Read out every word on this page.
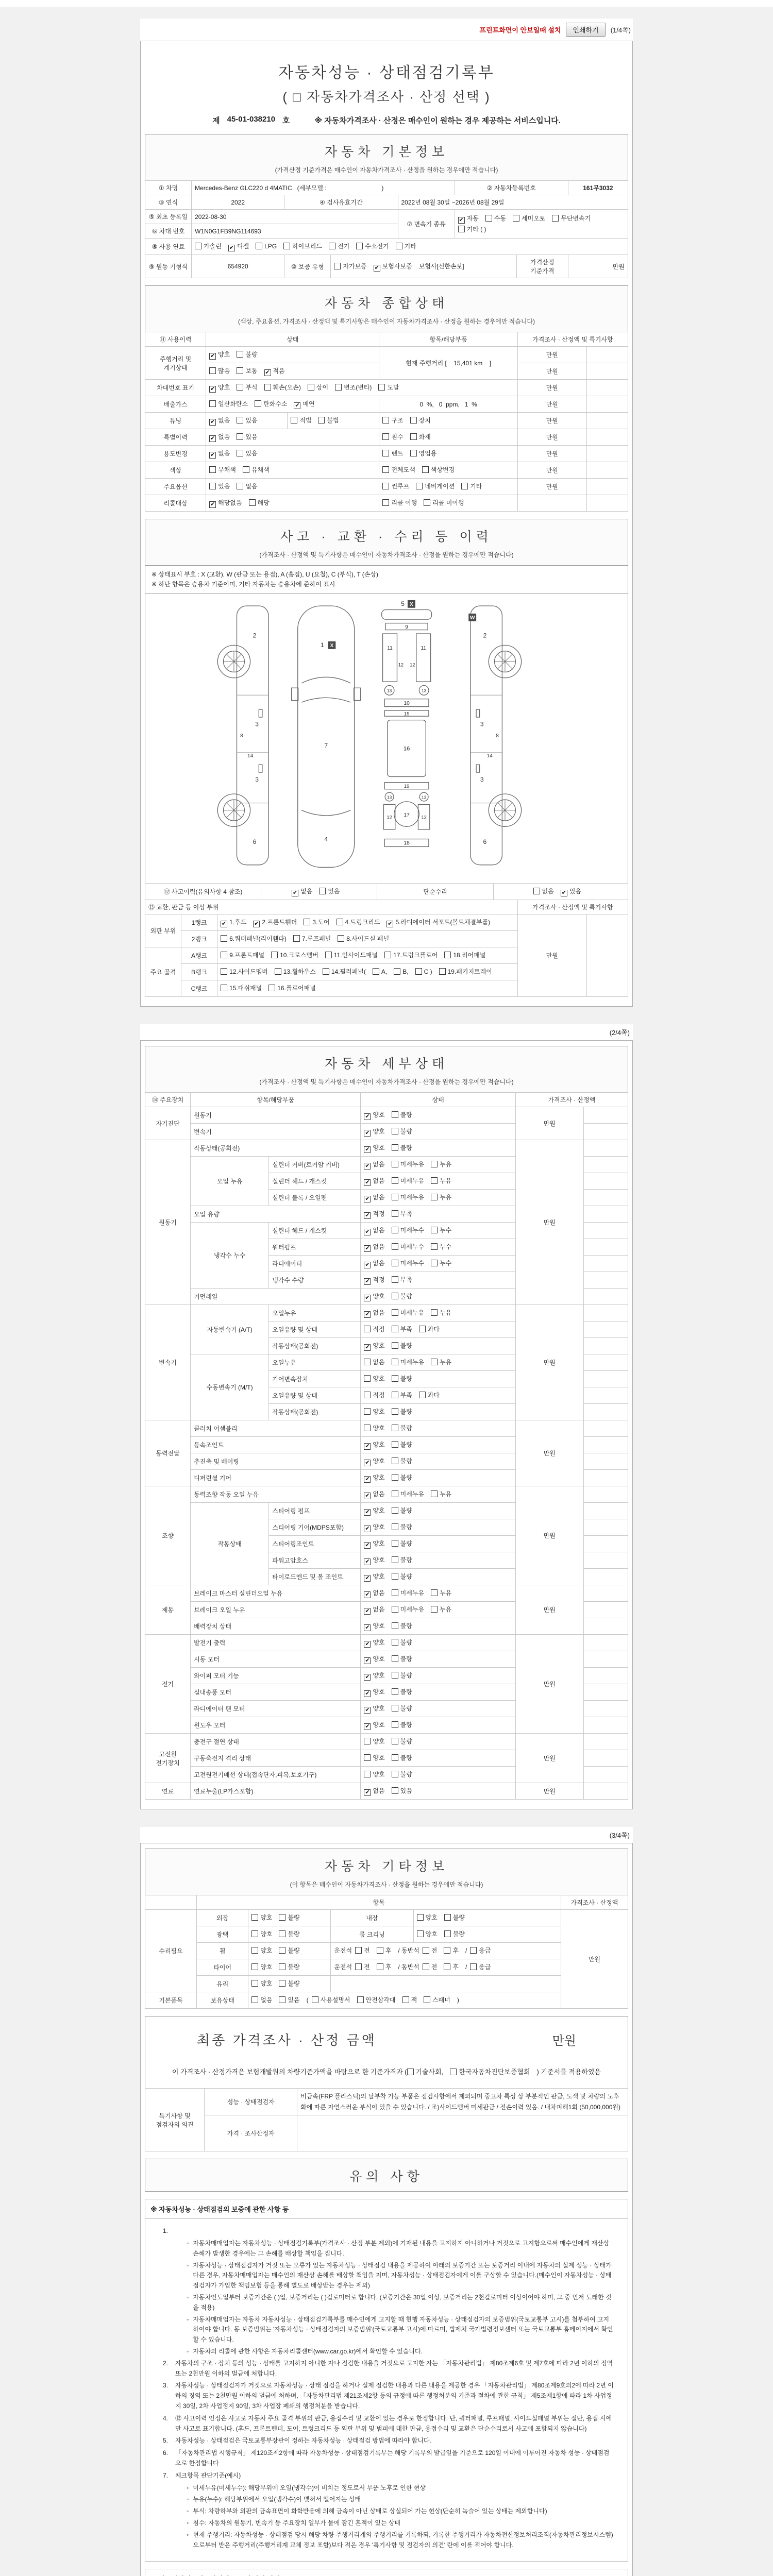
프린트화면이 안보일때 설치	인쇄하기	(1/4쪽)
자동차성능 · 상태점검기록부
( □ 자동차가격조사 · 산정 선택 )
제 45-01-038210 호	※ 자동차가격조사 · 산정은 매수인이 원하는 경우 제공하는 서비스입니다.
자동차 기본정보
(가격산정 기준가격은 매수인이 자동차가격조사 · 산정을 원하는 경우에만 적습니다)
① 차명	Mercedes-Benz GLC220 d 4MATIC   (세부모델 :                                )				② 자동차등록번호		161무3032
③ 연식	2022	④ 검사유효기간		2022년 08월 30일 ~2026년 08월 29일			
⑤ 최초 등록일	2022-08-30			⑦ 변속기 종류	✔ 자동 수동 세미오토 무단변속기기타 ( )		
⑥ 차대 번호	W1N0G1FB9NG114693						
⑧ 사용 연료	가솔린 ✔ 디젤 LPG 하이브리드 전기 수소전기 기타						
⑨ 원동 기형식	654920	⑩ 보증 유형	자가보증 ✔ 보험사보증 보험사[신한손보]			가격산정 기준가격	만원
자동차 종합상태
(색상, 주요옵션, 가격조사 · 산정액 및 특기사항은 매수인이 자동차가격조사 · 산정을 원하는 경우에만 적습니다)
⑪ 사용이력	상태		항목/해당부품	가격조사 · 산정액 및 특기사항	
주행거리 및 계기상태	✔ 양호 불량		현재 주행거리 [    15,401 km    ]	만원	
	많음 보통 ✔ 적음			만원	
차대번호 표기	✔ 양호 부식 훼손(오손) 상이 변조(변타) 도말			만원	
배출가스	일산화탄소 탄화수소 ✔ 매연		0  %,   0  ppm,   1  %	만원	
튜닝	✔ 없음 있음	적법 불법	구조 장치	만원	
특별이력	✔ 없음 있음		침수 화재	만원	
용도변경	✔ 없음 있음		렌트 영업용	만원	
색상	무채색 유채색		전체도색 색상변경	만원	
주요옵션	있음 없음		썬루프 네비게이션 기타	만원	
리콜대상	✔ 해당없음 해당		리콜 이행 리콜 미이행		
사고 · 교환 · 수리 등 이력
(가격조사 · 산정액 및 특기사항은 매수인이 자동차가격조사 · 산정을 원하는 경우에만 적습니다)
※ 상태표시 부호 : X (교환), W (판금 또는 용접), A (흠집), U (요철), C (부식), T (손상)
※ 하단 항목은 승용차 기준이며, 기타 자동차는 승용차에 준하여 표시
2
3
3
8
14
6
1 X
7
4
5 X
9
11	11
12 12
13	13
10
15
16
19
13	13
12	12
17
18
W
2
3
3
8
14
6
⑫ 사고이력(유의사항 4 참조)	✔ 없음	있음	단순수리	없음 ✔ 있음
⑬ 교환, 판금 등 이상 부위			가격조사 · 산정액 및 특기사항	
외판 부위	1랭크	✔ 1.후드 ✔ 2.프론트휀더 3.도어 4.트렁크리드 ✔ 5.라디에이터 서포트(볼트체결부품)	만원	
	2랭크	6.쿼터패널(리어휀다) 7.루프패널 8.사이드실 패널		
주요 골격	A랭크	9.프론트패널 10.크로스멤버 11.인사이드패널 17.트렁크플로어 18.리어패널		
	B랭크	12.사이드멤버 13.휠하우스 14.필러패널( A, B, C ) 19.패키지트레이		
	C랭크	15.대쉬패널 16.플로어패널		
(2/4쪽)
자동차 세부상태
(가격조사 · 산정액 및 특기사항은 매수인이 자동차가격조사 · 산정을 원하는 경우에만 적습니다)
⑭ 주요장치	항목/해당부품		상태	가격조사 · 산정액	
자기진단	원동기		✔ 양호 불량	만원	
	변속기		✔ 양호 불량		
원동기	작동상태(공회전)		✔ 양호 불량	만원	
	오일 누유	실린더 커버(로커암 커버)	✔ 없음 미세누유 누유		
		실린더 헤드 / 개스킷	✔ 없음 미세누유 누유		
		실린더 블록 / 오일팬	✔ 없음 미세누유 누유		
	오일 유량		✔ 적정 부족		
	냉각수 누수	실린더 헤드 / 개스킷	✔ 없음 미세누수 누수		
		워터펌프	✔ 없음 미세누수 누수		
		라디에이터	✔ 없음 미세누수 누수		
		냉각수 수량	✔ 적정 부족		
	커먼레일		✔ 양호 불량		
변속기	자동변속기 (A/T)	오일누유	✔ 없음 미세누유 누유	만원	
		오일유량 및 상태	적정 부족 과다		
		작동상태(공회전)	✔ 양호 불량		
	수동변속기 (M/T)	오일누유	없음 미세누유 누유		
		기어변속장치	양호 불량		
		오일유량 및 상태	적정 부족 과다		
		작동상태(공회전)	양호 불량		
동력전달	클러치 어셈블리		양호 불량	만원	
	등속조인트		✔ 양호 불량		
	추진축 및 베어링		✔ 양호 불량		
	디퍼런셜 기어		✔ 양호 불량		
조향	동력조향 작동 오일 누유		✔ 없음 미세누유 누유	만원	
	작동상태	스티어링 펌프	✔ 양호 불량		
		스티어링 기어(MDPS포함)	✔ 양호 불량		
		스티어링조인트	✔ 양호 불량		
		파워고압호스	✔ 양호 불량		
		타이로드엔드 및 볼 조인트	✔ 양호 불량		
제동	브레이크 마스터 실린더오일 누유		✔ 없음 미세누유 누유	만원	
	브레이크 오일 누유		✔ 없음 미세누유 누유		
	배력장치 상태		✔ 양호 불량		
전기	발전기 출력		✔ 양호 불량	만원	
	시동 모터		✔ 양호 불량		
	와이퍼 모터 기능		✔ 양호 불량		
	실내송풍 모터		✔ 양호 불량		
	라디에이터 팬 모터		✔ 양호 불량		
	윈도우 모터		✔ 양호 불량		
고전원 전기장치	충전구 절연 상태		양호 불량	만원	
	구동축전지 격리 상태		양호 불량		
	고전원전기배선 상태(접속단자,피복,보호기구)		양호 불량		
연료	연료누출(LP가스포함)		✔ 없음 있음	만원	
(3/4쪽)
자동차 기타정보
(이 항목은 매수인이 자동차가격조사 · 산정을 원하는 경우에만 적습니다)
	항목				가격조사 · 산정액
수리필요	외장	양호 불량	내장	양호 불량	만원
	광택	양호 불량	룸 크리닝	양호 불량	
	휠	양호 불량	운전석 전 후 / 동반석 전 후 / 응급		
	타이어	양호 불량	운전석 전 후 / 동반석 전 후 / 응급		
	유리	양호 불량			
기본품목	보유상태	없음 있음 ( 사용설명서 안전삼각대 잭 스패너 )			
최종 가격조사 · 산정 금액	만원
이 가격조사 · 산정가격은 보험개발원의 차량기준가액을 바탕으로 한 기준가격과 ( 기술사회, 한국자동차진단보증협회 ) 기준서를 적용하였음
특기사항 및 점검자의 의견	성능 · 상태점검자	비금속(FRP 플라스틱)의 탈부착 가능 부품은 점검사항에서 제외되며 중고차 특성 상 부분적인 판금, 도색 및 차량의 노후화에 따른 자연스러운 부식이 있을 수 있습니다. / 조)사이드멤버 미세판금 / 전손이력 있음. / 내차피해1회 (50,000,000원)
	가격 · 조사산정자	
유의 사항
※ 자동차성능 · 상태점검의 보증에 관한 사항 등
1.
◦ 자동차매매업자는 자동차성능 · 상태점검기록부(가격조사 · 산정 부분 제외)에 기재된 내용을 고지하지 아니하거나 거짓으로 고지함으로써 매수인에게 재산상 손해가 발생한 경우에는 그 손해를 배상할 책임을 집니다.
◦ 자동차성능 · 상태점검자가 거짓 또는 오류가 있는 자동차성능 · 상태점검 내용을 제공하여 아래의 보증기간 또는 보증거리 이내에 자동차의 실제 성능 · 상태가 다른 경우, 자동차매매업자는 매수인의 재산상 손해를 배상할 책임을 지며, 자동차성능 · 상태점검자에게 이를 구상할 수 있습니다.(매수인이 자동차성능 · 상태점검자가 가입한 책임보험 등을 통해 별도로 배상받는 경우는 제외)
◦ 자동차인도일부터 보증기간은 ( )일, 보증거리는 ( )킬로미터로 합니다. (보증기간은 30일 이상, 보증거리는 2천킬로미터 이상이어야 하며, 그 중 먼저 도래한 것을 적용)
◦ 자동차매매업자는 자동차 자동차성능 · 상태점검기록부를 매수인에게 고지할 때 현행 자동차성능 · 상태점검자의 보증범위(국토교통부 고시)를 첨부하여 고지하여야 합니다. 동 보증범위는 '자동차성능 · 상태점검자의 보증범위'(국토교통부 고시)에 따르며, 법제처 국가법령정보센터 또는 국토교통부 홈페이지에서 확인할 수 있습니다.
◦ 자동차의 리콜에 관한 사항은 자동차리콜센터(www.car.go.kr)에서 확인할 수 있습니다.
2.	자동차의 구조 · 장치 등의 성능 · 상태를 고지하지 아니한 자나 점검한 내용을 거짓으로 고지한 자는 「자동차관리법」 제80조제6호 및 제7호에 따라 2년 이하의 징역 또는 2천만원 이하의 벌금에 처합니다.
3.	자동차성능 · 상태점검자가 거짓으로 자동차성능 · 상태 점검을 하거나 실제 점검한 내용과 다른 내용을 제공한 경우 「자동차관리법」 제80조제9호의2에 따라 2년 이하의 징역 또는 2천만원 이하의 벌금에 처하며, 「자동차관리법 제21조제2항 등의 규정에 따른 행정처분의 기준과 절차에 관한 규칙」 제5조제1항에 따라 1차 사업정지 30일, 2차 사업정지 90일, 3차 사업장 폐쇄의 행정처분을 받습니다.
4.	⑫ 사고이력 인정은 사고로 자동차 주요 골격 부위의 판금, 용접수리 및 교환이 있는 경우로 한정합니다. 단, 쿼터패널, 루프패널, 사이드실패널 부위는 절단, 용접 시에만 사고로 표기합니다. (후드, 프론트펜더, 도어, 트렁크리드 등 외판 부위 및 범퍼에 대한 판금, 용접수리 및 교환은 단순수리로서 사고에 포함되지 않습니다)
5.	자동차성능 · 상태점검은 국토교통부장관이 정하는 자동차성능 · 상태점검 방법에 따라야 합니다.
6.	「자동차관리법 시행규칙」 제120조제2항에 따라 자동차성능 · 상태점검기록부는 해당 기록부의 발급일을 기준으로 120일 이내에 이루어진 자동차 성능 · 상태점검으로 한정합니다
7.	체크항목 판단기준(예시)
◦ 미세누유(미세누수): 해당부위에 오일(냉각수)이 비치는 정도로서 부품 노후로 인한 현상
◦ 누유(누수): 해당부위에서 오일(냉각수)이 맺혀서 떨어지는 상태
◦ 부식: 차량하부와 외판의 금속표면이 화학반응에 의해 금속이 아닌 상태로 상실되어 가는 현상(단순히 녹슬어 있는 상태는 제외합니다)
◦ 침수: 자동차의 원동기, 변속기 등 주요장치 일부가 물에 잠긴 흔적이 있는 상태
◦ 현재 주행거리: 자동차성능 · 상태점검 당시 해당 차량 주행거리계의 주행거리를 기록하되, 기록한 주행거리가 자동차전산정보처리조직(자동차관리정보시스템)으로부터 받은 주행거리(주행거리계 교체 정보 포함)보다 적은 경우 '특기사항 및 점검자의 의견' 란에 이를 적어야 합니다.
